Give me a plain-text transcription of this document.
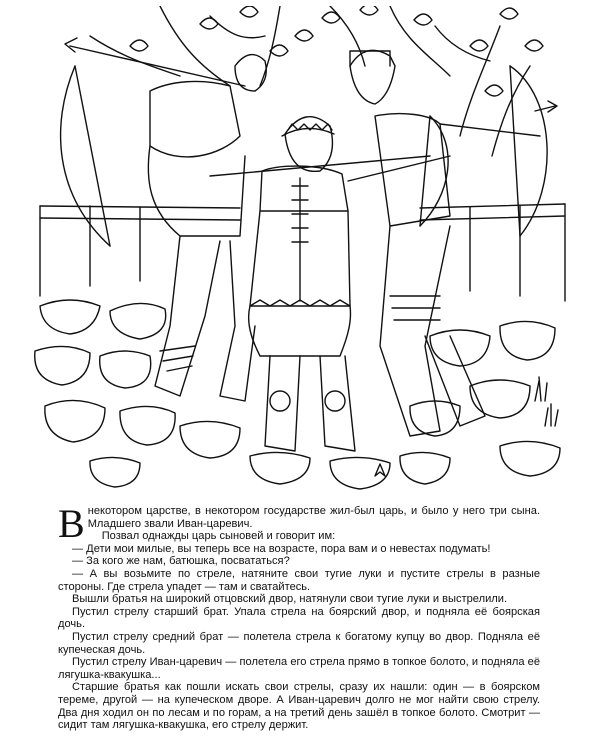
В некотором царстве, в некотором государстве жил-был царь, и было у него три сына. Младшего звали Иван-царевич.

Позвал однажды царь сыновей и говорит им:

— Дети мои милые, вы теперь все на возрасте, пора вам и о невестах подумать!

— За кого же нам, батюшка, посвататься?

— А вы возьмите по стреле, натяните свои тугие луки и пустите стрелы в разные стороны. Где стрела упадет — там и сватайтесь.

Вышли братья на широкий отцовский двор, натянули свои тугие луки и выстрелили.

Пустил стрелу старший брат. Упала стрела на боярский двор, и подняла её боярская дочь.

Пустил стрелу средний брат — полетела стрела к богатому купцу во двор. Подняла её купеческая дочь.

Пустил стрелу Иван-царевич — полетела его стрела прямо в топкое болото, и подняла её лягушка-квакушка...

Старшие братья как пошли искать свои стрелы, сразу их нашли: один — в боярском тереме, другой — на купеческом дворе. А Иван-царевич долго не мог найти свою стрелу. Два дня ходил он по лесам и по горам, а на третий день зашёл в топкое болото. Смотрит — сидит там лягушка-квакушка, его стрелу держит.
